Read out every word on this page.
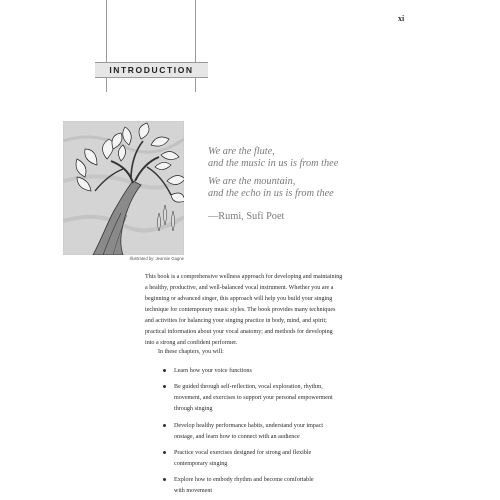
xi
INTRODUCTION
Illustrated by: Jeannie Gagne
We are the flute,
and the music in us is from thee
We are the mountain,
and the echo in us is from thee
—Rumi, Sufi Poet
This book is a comprehensive wellness approach for developing and maintaining
a healthy, productive, and well-balanced vocal instrument. Whether you are a
beginning or advanced singer, this approach will help you build your singing
technique for contemporary music styles. The book provides many techniques
and activities for balancing your singing practice in body, mind, and spirit;
practical information about your vocal anatomy; and methods for developing
into a strong and confident performer.
In these chapters, you will:
Learn how your voice functions
Be guided through self-reflection, vocal exploration, rhythm,
movement, and exercises to support your personal empowerment
through singing
Develop healthy performance habits, understand your impact
onstage, and learn how to connect with an audience
Practice vocal exercises designed for strong and flexible
contemporary singing
Explore how to embody rhythm and become comfortable
with movement
